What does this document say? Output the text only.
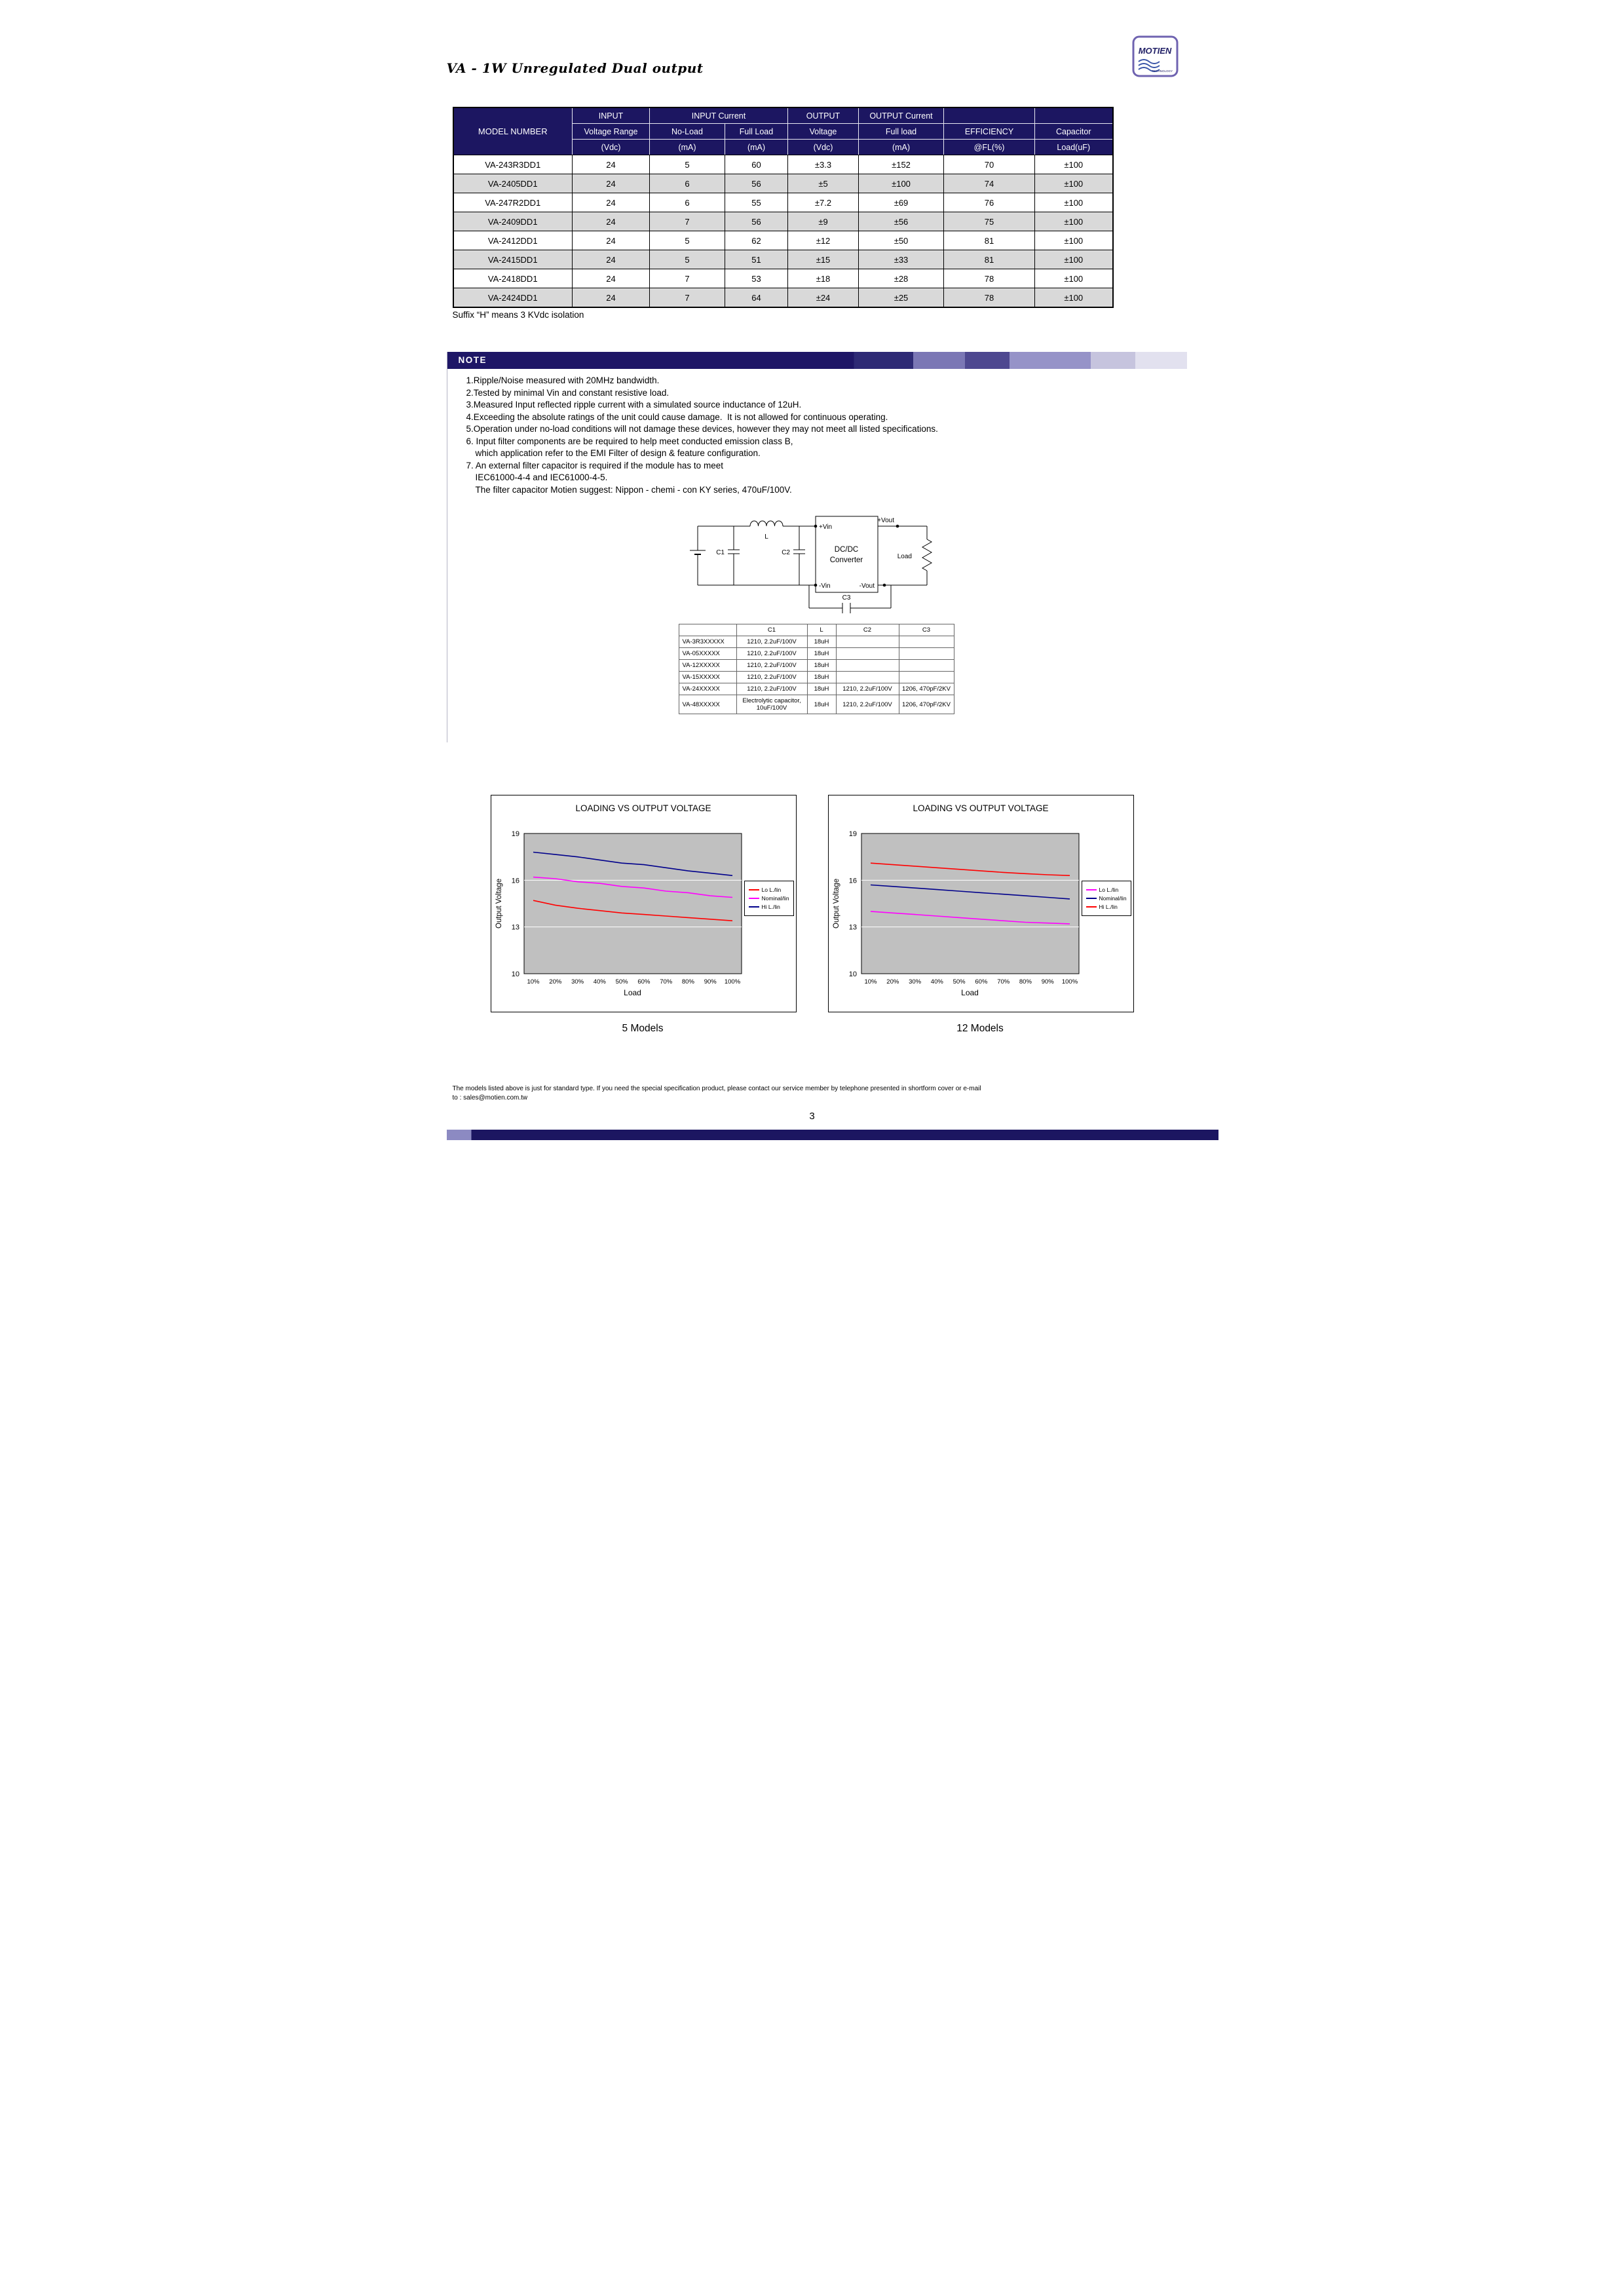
VA - 1W Unregulated Dual output
MOTIEN
TECHNOLOGY
MODEL NUMBER	INPUT	INPUT Current		OUTPUT	OUTPUT Current		
	Voltage Range	No-Load	Full Load	Voltage	Full load	EFFICIENCY	Capacitor
	(Vdc)	(mA)	(mA)	(Vdc)	(mA)	@FL(%)	Load(uF)
VA-243R3DD1	24	5	60	±3.3	±152	70	±100
VA-2405DD1	24	6	56	±5	±100	74	±100
VA-247R2DD1	24	6	55	±7.2	±69	76	±100
VA-2409DD1	24	7	56	±9	±56	75	±100
VA-2412DD1	24	5	62	±12	±50	81	±100
VA-2415DD1	24	5	51	±15	±33	81	±100
VA-2418DD1	24	7	53	±18	±28	78	±100
VA-2424DD1	24	7	64	±24	±25	78	±100
Suffix “H” means 3 KVdc isolation
NOTE
1.Ripple/Noise measured with 20MHz bandwidth.
2.Tested by minimal Vin and constant resistive load.
3.Measured Input reflected ripple current with a simulated source inductance of 12uH.
4.Exceeding the absolute ratings of the unit could cause damage.  It is not allowed for continuous operating.
5.Operation under no-load conditions will not damage these devices, however they may not meet all listed specifications.
6. Input filter components are be required to help meet conducted emission class B,
which application refer to the EMI Filter of design & feature configuration.
7. An external filter capacitor is required if the module has to meet
IEC61000-4-4 and IEC61000-4-5.
The filter capacitor Motien suggest: Nippon - chemi - con KY series, 470uF/100V.
C1
L
C2
+Vin
-Vin
DC/DC
Converter
-Vout
+Vout
Load
C3
	C1	L	C2	C3
VA-3R3XXXXX	1210, 2.2uF/100V	18uH		
VA-05XXXXX	1210, 2.2uF/100V	18uH		
VA-12XXXXX	1210, 2.2uF/100V	18uH		
VA-15XXXXX	1210, 2.2uF/100V	18uH		
VA-24XXXXX	1210, 2.2uF/100V	18uH	1210, 2.2uF/100V	1206, 470pF/2KV
VA-48XXXXX	Electrolytic capacitor, 10uF/100V	18uH	1210, 2.2uF/100V	1206, 470pF/2KV
LOADING VS OUTPUT VOLTAGE
19
16
13
10
10% 20% 30% 40% 50% 60% 70% 80% 90% 100%
Output Voltage
Load
Lo L./lin
Nominal/lin
Hi L./lin
5 Models
LOADING VS OUTPUT VOLTAGE
19
16
13
10
10% 20% 30% 40% 50% 60% 70% 80% 90% 100%
Output Voltage
Load
Lo L./lin
Nominal/lin
Hi L./lin
12 Models
The models listed above is just for standard type. If you need the special specification product, please contact our service member by telephone presented in shortform cover or e-mail
to : sales@motien.com.tw
3
